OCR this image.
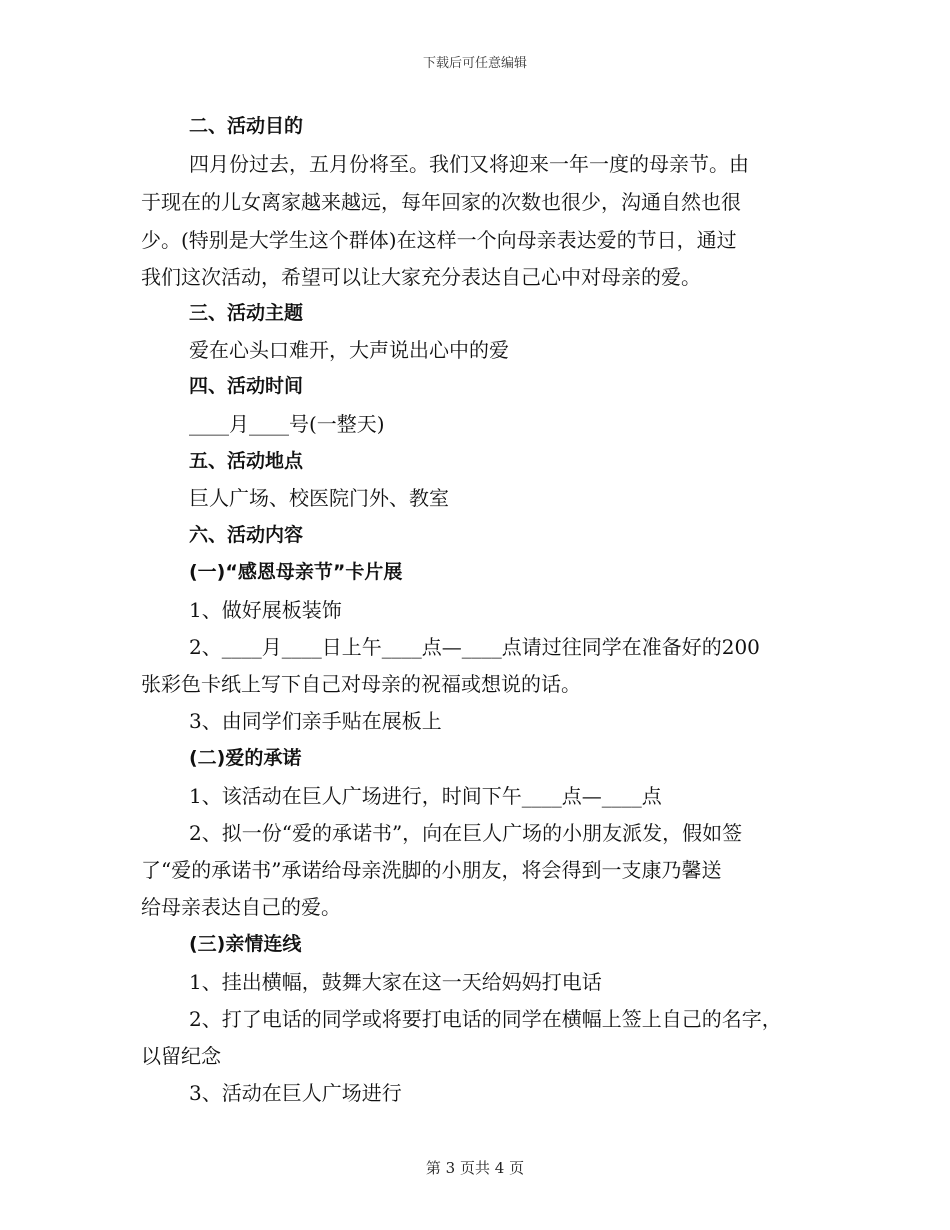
下载后可任意编辑
二、活动目的
四月份过去，五月份将至。我们又将迎来一年一度的母亲节。由
于现在的儿女离家越来越远，每年回家的次数也很少，沟通自然也很
少。(特别是大学生这个群体)在这样一个向母亲表达爱的节日，通过
我们这次活动，希望可以让大家充分表达自己心中对母亲的爱。
三、活动主题
爱在心头口难开，大声说出心中的爱
四、活动时间
____月____号(一整天)
五、活动地点
巨人广场、校医院门外、教室
六、活动内容
(一)“感恩母亲节”卡片展
1、做好展板装饰
2、____月____日上午____点—____点请过往同学在准备好的200
张彩色卡纸上写下自己对母亲的祝福或想说的话。
3、由同学们亲手贴在展板上
(二)爱的承诺
1、该活动在巨人广场进行，时间下午____点—____点
2、拟一份“爱的承诺书”，向在巨人广场的小朋友派发，假如签
了“爱的承诺书”承诺给母亲洗脚的小朋友，将会得到一支康乃馨送
给母亲表达自己的爱。
(三)亲情连线
1、挂出横幅，鼓舞大家在这一天给妈妈打电话
2、打了电话的同学或将要打电话的同学在横幅上签上自己的名字，
以留纪念
3、活动在巨人广场进行
第 3 页共 4 页
